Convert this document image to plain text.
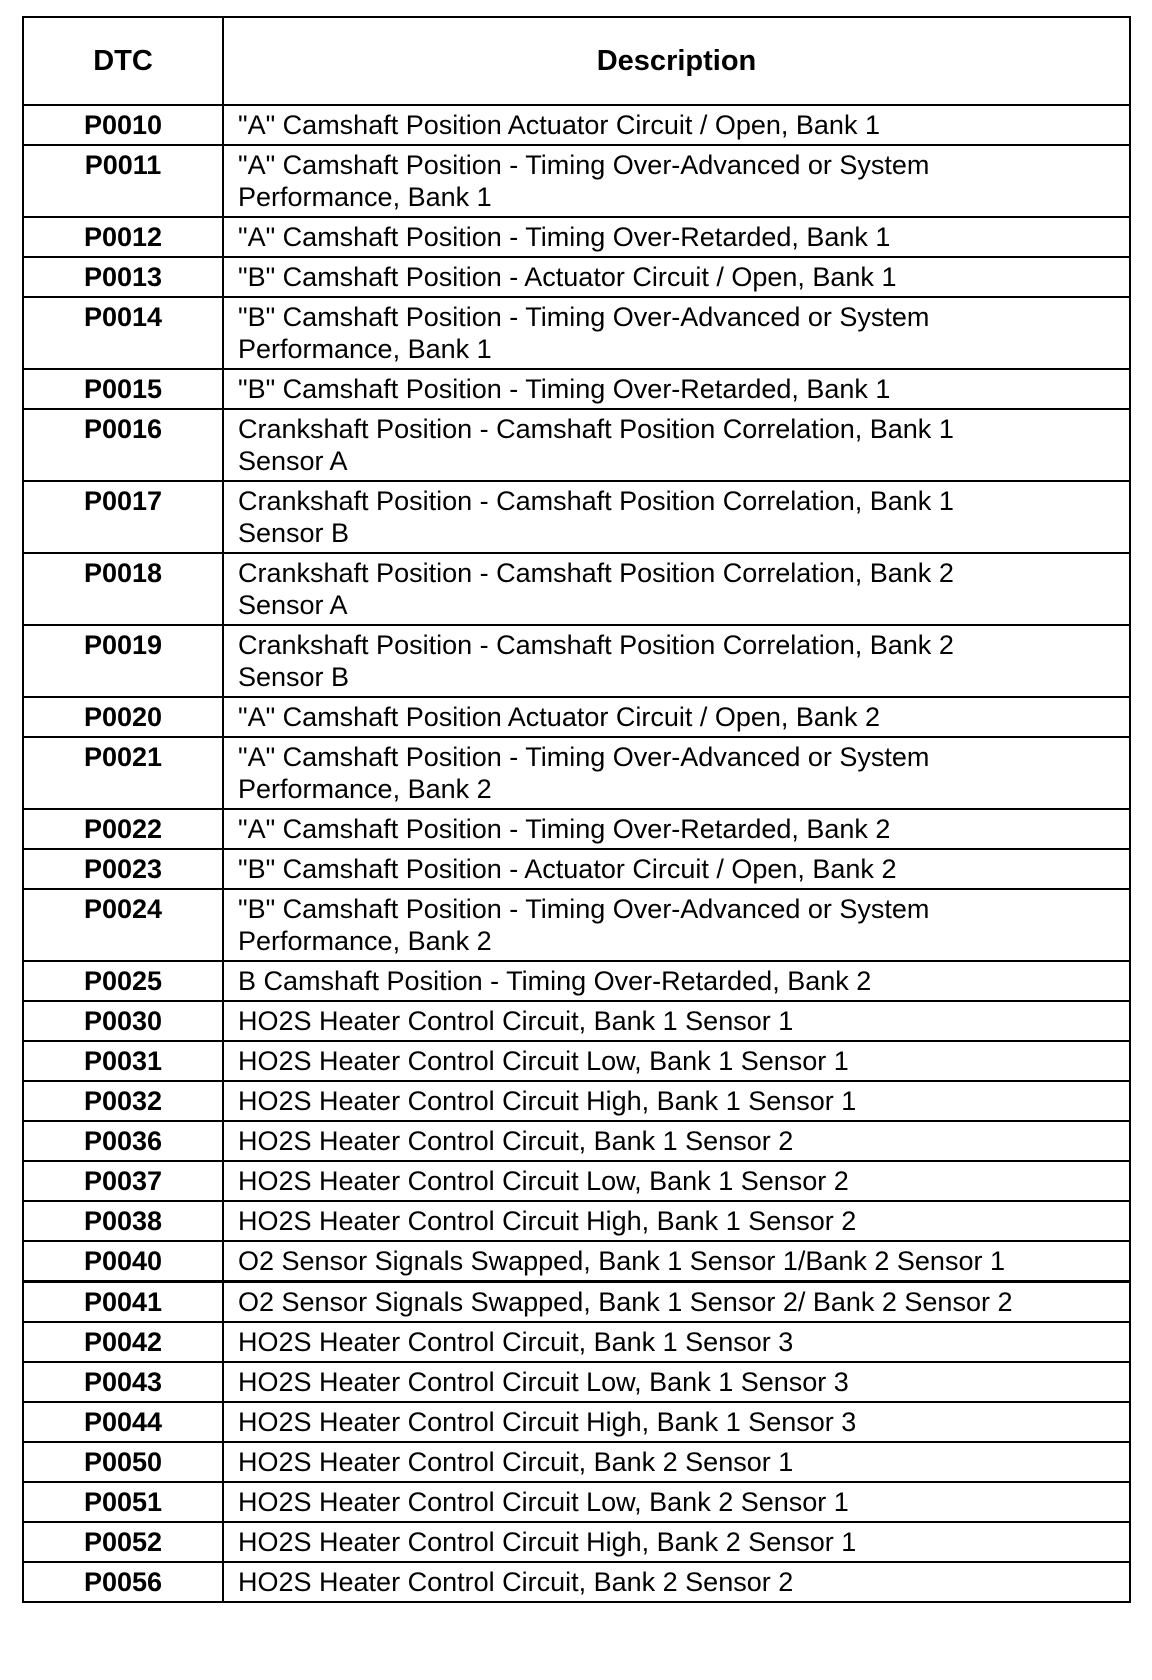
DTC	Description
P0010	"A" Camshaft Position Actuator Circuit / Open, Bank 1

P0011	"A" Camshaft Position - Timing Over-Advanced or System
Performance, Bank 1

P0012	"A" Camshaft Position - Timing Over-Retarded, Bank 1

P0013	"B" Camshaft Position - Actuator Circuit / Open, Bank 1

P0014	"B" Camshaft Position - Timing Over-Advanced or System
Performance, Bank 1

P0015	"B" Camshaft Position - Timing Over-Retarded, Bank 1

P0016	Crankshaft Position - Camshaft Position Correlation, Bank 1
Sensor A

P0017	Crankshaft Position - Camshaft Position Correlation, Bank 1
Sensor B

P0018	Crankshaft Position - Camshaft Position Correlation, Bank 2
Sensor A

P0019	Crankshaft Position - Camshaft Position Correlation, Bank 2
Sensor B

P0020	"A" Camshaft Position Actuator Circuit / Open, Bank 2

P0021	"A" Camshaft Position - Timing Over-Advanced or System
Performance, Bank 2

P0022	"A" Camshaft Position - Timing Over-Retarded, Bank 2

P0023	"B" Camshaft Position - Actuator Circuit / Open, Bank 2

P0024	"B" Camshaft Position - Timing Over-Advanced or System
Performance, Bank 2

P0025	B Camshaft Position - Timing Over-Retarded, Bank 2

P0030	HO2S Heater Control Circuit, Bank 1 Sensor 1

P0031	HO2S Heater Control Circuit Low, Bank 1 Sensor 1

P0032	HO2S Heater Control Circuit High, Bank 1 Sensor 1

P0036	HO2S Heater Control Circuit, Bank 1 Sensor 2

P0037	HO2S Heater Control Circuit Low, Bank 1 Sensor 2

P0038	HO2S Heater Control Circuit High, Bank 1 Sensor 2

P0040	O2 Sensor Signals Swapped, Bank 1 Sensor 1/Bank 2 Sensor 1

P0041	O2 Sensor Signals Swapped, Bank 1 Sensor 2/ Bank 2 Sensor 2

P0042	HO2S Heater Control Circuit, Bank 1 Sensor 3

P0043	HO2S Heater Control Circuit Low, Bank 1 Sensor 3

P0044	HO2S Heater Control Circuit High, Bank 1 Sensor 3

P0050	HO2S Heater Control Circuit, Bank 2 Sensor 1

P0051	HO2S Heater Control Circuit Low, Bank 2 Sensor 1

P0052	HO2S Heater Control Circuit High, Bank 2 Sensor 1

P0056	HO2S Heater Control Circuit, Bank 2 Sensor 2
